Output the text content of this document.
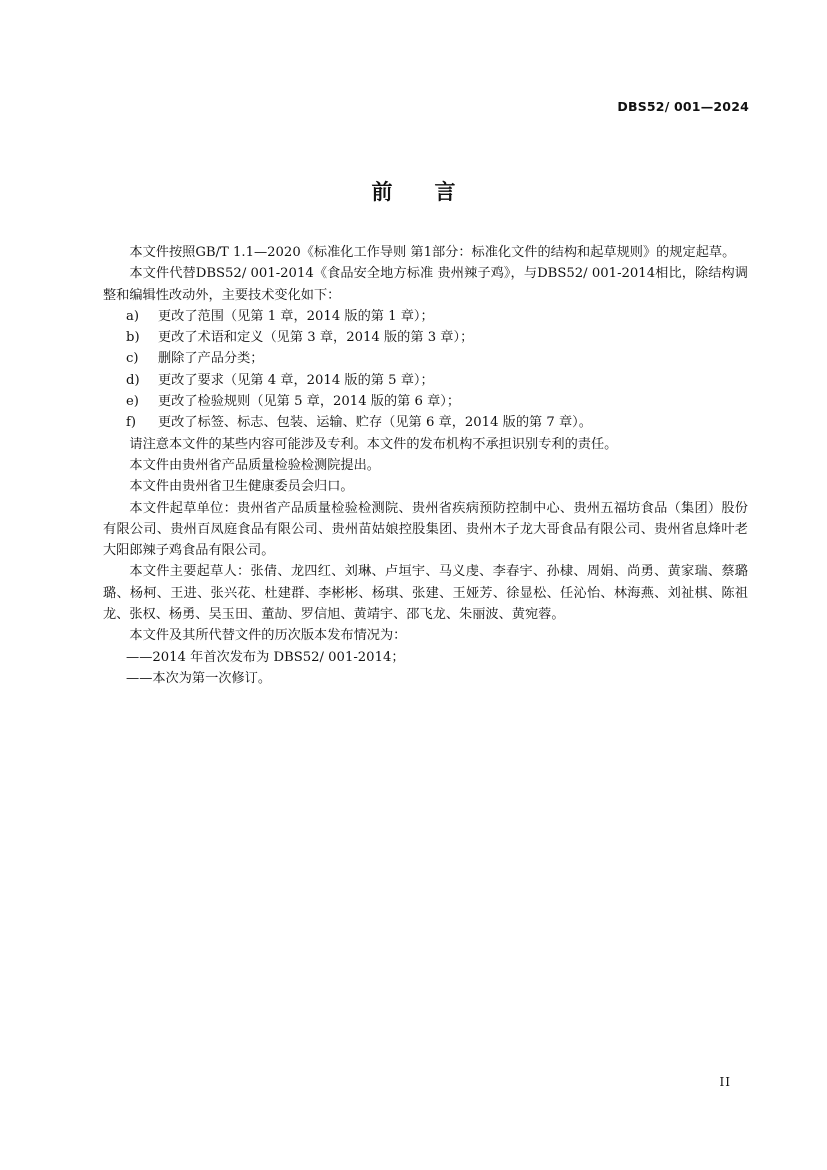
DBS52/ 001—2024
前　　言

本文件按照GB/T 1.1—2020《标准化工作导则 第1部分：标准化文件的结构和起草规则》的规定起草。

本文件代替DBS52/ 001-2014《食品安全地方标准 贵州辣子鸡》，与DBS52/ 001-2014相比，除结构调整和编辑性改动外，主要技术变化如下：

a) 更改了范围（见第 1 章，2014 版的第 1 章）；

b) 更改了术语和定义（见第 3 章，2014 版的第 3 章）；

c) 删除了产品分类；

d) 更改了要求（见第 4 章，2014 版的第 5 章）；

e) 更改了检验规则（见第 5 章，2014 版的第 6 章）；

f) 更改了标签、标志、包装、运输、贮存（见第 6 章，2014 版的第 7 章）。

请注意本文件的某些内容可能涉及专利。本文件的发布机构不承担识别专利的责任。

本文件由贵州省产品质量检验检测院提出。

本文件由贵州省卫生健康委员会归口。

本文件起草单位：贵州省产品质量检验检测院、贵州省疾病预防控制中心、贵州五福坊食品（集团）股份有限公司、贵州百凤庭食品有限公司、贵州苗姑娘控股集团、贵州木子龙大哥食品有限公司、贵州省息烽叶老大阳郎辣子鸡食品有限公司。

本文件主要起草人：张倩、龙四红、刘琳、卢垣宇、马义虔、李春宇、孙棣、周娟、尚勇、黄家瑞、蔡璐璐、杨柯、王进、张兴花、杜建群、李彬彬、杨琪、张建、王娅芳、徐显松、任沁怡、林海燕、刘祉棋、陈祖龙、张权、杨勇、吴玉田、董劼、罗信旭、黄靖宇、邵飞龙、朱丽波、黄宛蓉。

本文件及其所代替文件的历次版本发布情况为：

——2014 年首次发布为 DBS52/ 001-2014；

——本次为第一次修订。

II
